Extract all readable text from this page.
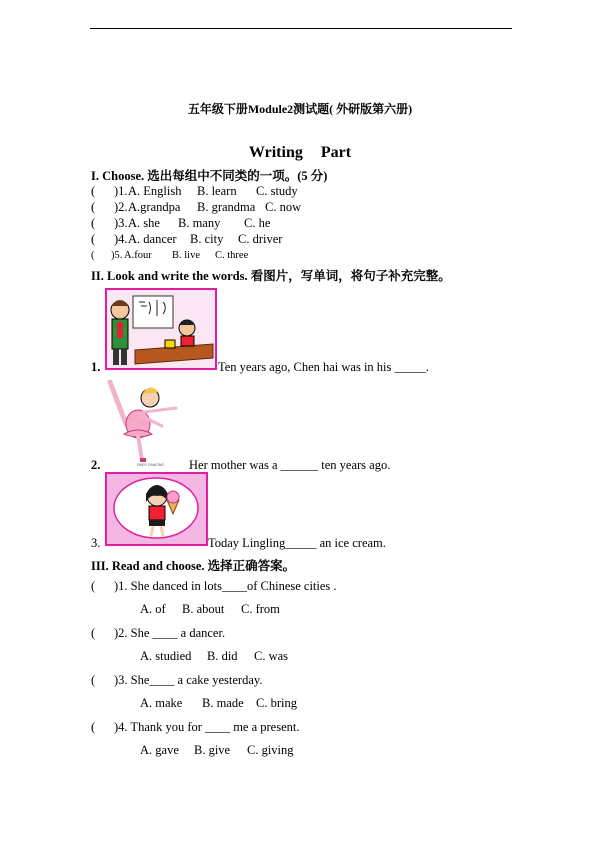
五年级下册Module2测试题( 外研版第六册)
Writing Part
I. Choose. 选出每组中不同类的一项。(5 分)
( )1. A. English B. learn C. study
( )2. A.grandpa B. grandma C. now
( )3. A. she B. many C. he
( )4. A. dancer B. city C. driver
( )5. A.four B. live C. three
II. Look and write the words. 看图片，写单词，将句子补充完整。
1.	Ten years ago, Chen hai was in his _____.
FAIRY DANCING
2.	Her mother was a ______ ten years ago.
3.	Today Lingling_____ an ice cream.
III. Read and choose. 选择正确答案。
( )1. She danced in lots____of Chinese cities .
A. of B. about C. from
( )2. She ____ a dancer.
A. studied B. did C. was
( )3. She____ a cake yesterday.
A. make B. made C. bring
( )4. Thank you for ____ me a present.
A. gave B. give C. giving
